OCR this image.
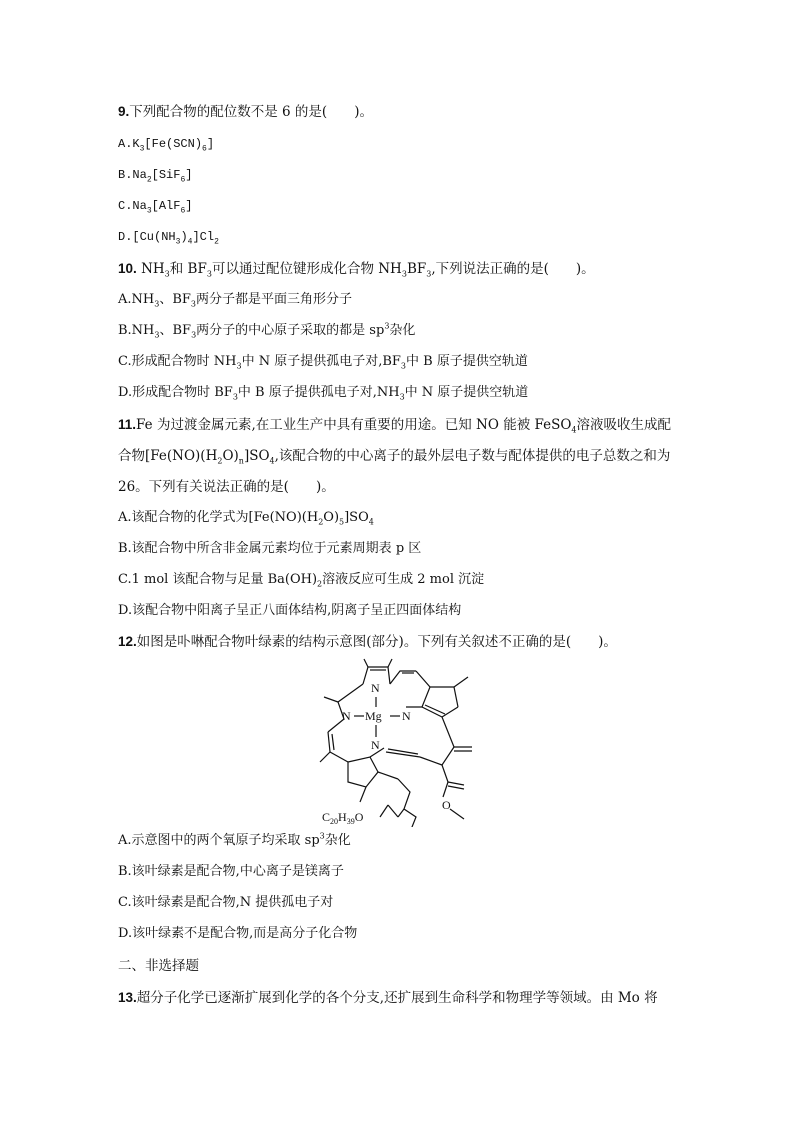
9.下列配合物的配位数不是 6 的是(　　)。
$A.K_3[Fe(SCN)_6]$
$B.Na_2[SiF_6]$
$C.Na_3[AlF_6]$
$D.[Cu(NH_3)_4]Cl_2$
10. $NH_3$和 $BF_3$可以通过配位键形成化合物 $NH_3BF_3$,下列说法正确的是(　　)。
$A.NH_3$、$BF_3$两分子都是平面三角形分子
$B.NH_3$、$BF_3$两分子的中心原子采取的都是 $sp^3$杂化
C.形成配合物时 $NH_3$中 N 原子提供孤电子对$,BF_3$中 B 原子提供空轨道
D.形成配合物时 $BF_3$中 B 原子提供孤电子对$,NH_3$中 N 原子提供空轨道
11.Fe 为过渡金属元素,在工业生产中具有重要的用途。已知 NO 能被 FeSO$_4$溶液吸收生成配
合物$[Fe(NO)(H_2O)_n]SO_4$,该配合物的中心离子的最外层电子数与配体提供的电子总数之和为
26。下列有关说法正确的是(　　)。
A.该配合物的化学式为$[Fe(NO)(H_2O)_5]SO_4$
B.该配合物中所含非金属元素均位于元素周期表 p 区
C.1 mol 该配合物与足量 $Ba(OH)_2$溶液反应可生成 2 mol 沉淀
D.该配合物中阳离子呈正八面体结构,阴离子呈正四面体结构
12.如图是卟啉配合物叶绿素的结构示意图(部分)。下列有关叙述不正确的是(　　)。
N
N	N
N
Mg
O
$C_{20}H_{39}O$
A.示意图中的两个氧原子均采取 $sp^3$杂化
B.该叶绿素是配合物,中心离子是镁离子
C.该叶绿素是配合物,N 提供孤电子对
D.该叶绿素不是配合物,而是高分子化合物
二、非选择题
13.超分子化学已逐渐扩展到化学的各个分支,还扩展到生命科学和物理学等领域。由 Mo 将
